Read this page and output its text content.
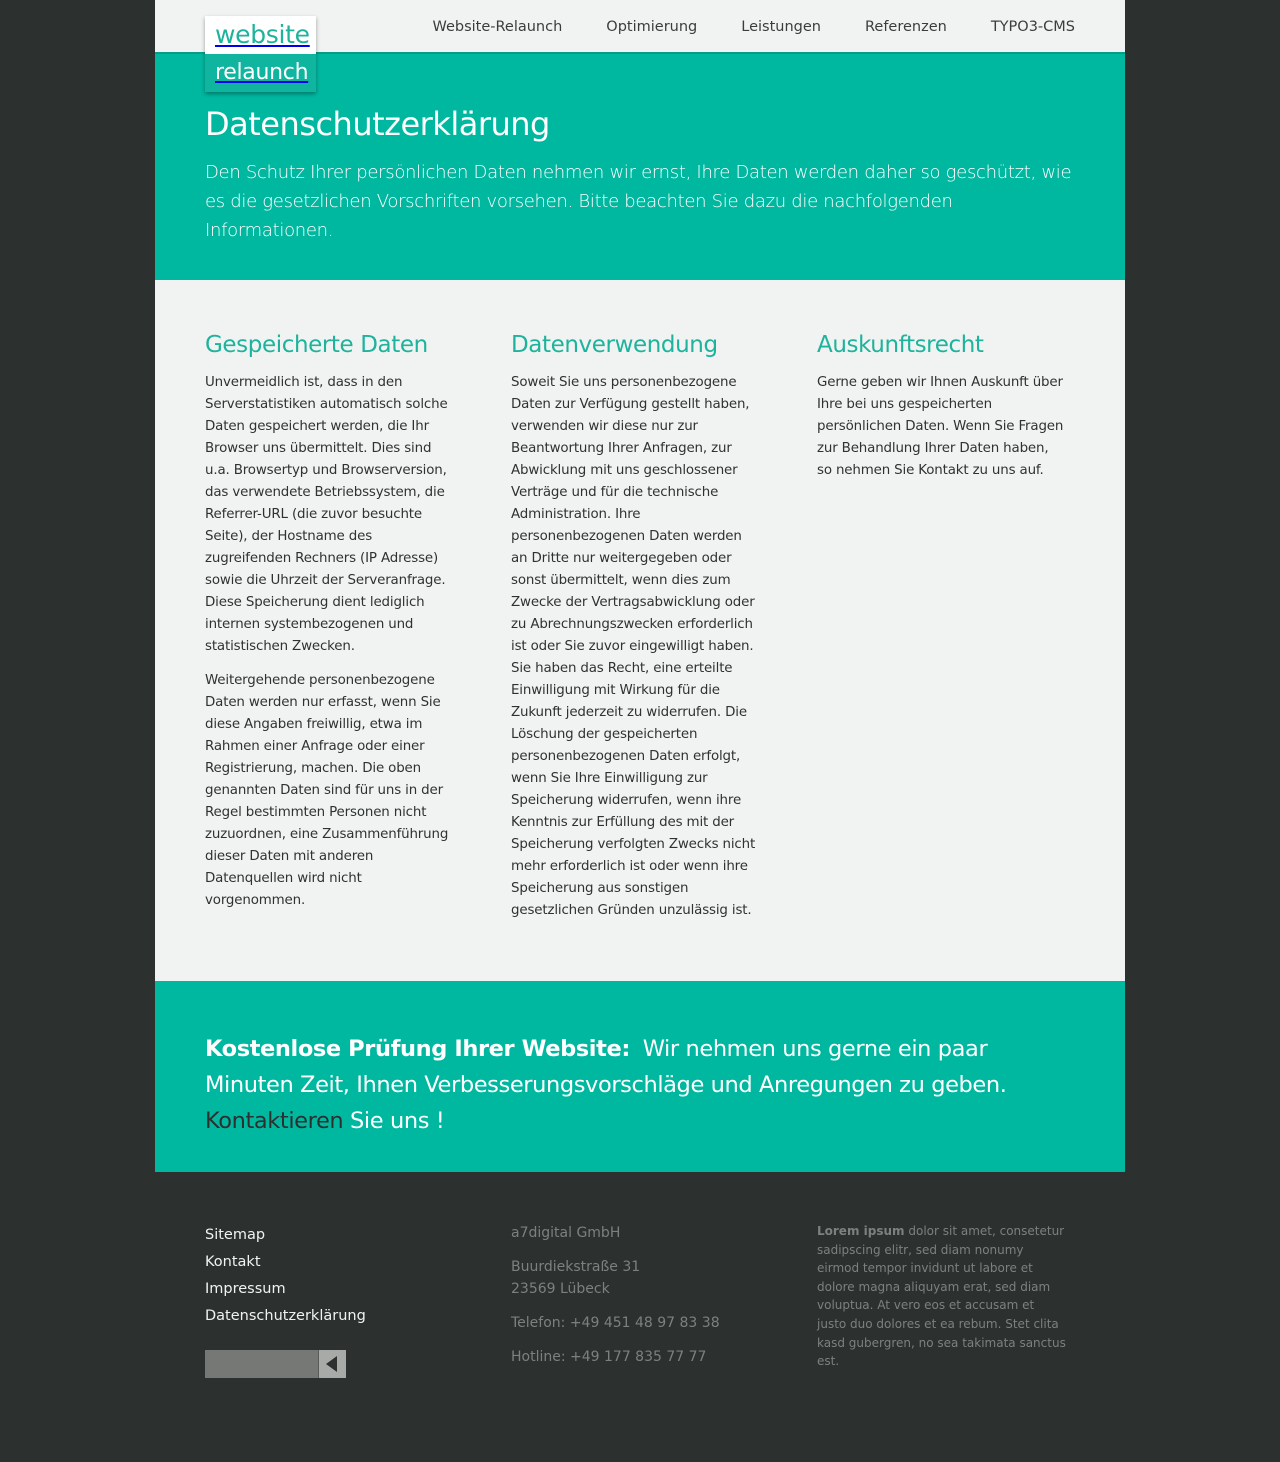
website
relaunch
Website-Relaunch	Optimierung	Leistungen	Referenzen	TYPO3-CMS
Datenschutzerklärung

Den Schutz Ihrer persönlichen Daten nehmen wir ernst, Ihre Daten werden daher so geschützt, wie es die gesetzlichen Vorschriften vorsehen. Bitte beachten Sie dazu die nachfolgenden Informationen.

Gespeicherte Daten

Unvermeidlich ist, dass in den Serverstatistiken automatisch solche Daten gespeichert werden, die Ihr Browser uns übermittelt. Dies sind u.a. Browsertyp und Browserversion, das verwendete Betriebssystem, die Referrer-URL (die zuvor besuchte Seite), der Hostname des zugreifenden Rechners (IP Adresse) sowie die Uhrzeit der Serveranfrage. Diese Speicherung dient lediglich internen systembezogenen und statistischen Zwecken.

Weitergehende personenbezogene Daten werden nur erfasst, wenn Sie diese Angaben freiwillig, etwa im Rahmen einer Anfrage oder einer Registrierung, machen. Die oben genannten Daten sind für uns in der Regel bestimmten Personen nicht zuzuordnen, eine Zusammenführung dieser Daten mit anderen Datenquellen wird nicht vorgenommen.

Datenverwendung

Soweit Sie uns personenbezogene Daten zur Verfügung gestellt haben, verwenden wir diese nur zur Beantwortung Ihrer Anfragen, zur Abwicklung mit uns geschlossener Verträge und für die technische Administration. Ihre personenbezogenen Daten werden an Dritte nur weitergegeben oder sonst übermittelt, wenn dies zum Zwecke der Vertragsabwicklung oder zu Abrechnungszwecken erforderlich ist oder Sie zuvor eingewilligt haben. Sie haben das Recht, eine erteilte Einwilligung mit Wirkung für die Zukunft jederzeit zu widerrufen. Die Löschung der gespeicherten personenbezogenen Daten erfolgt, wenn Sie Ihre Einwilligung zur Speicherung widerrufen, wenn ihre Kenntnis zur Erfüllung des mit der Speicherung verfolgten Zwecks nicht mehr erforderlich ist oder wenn ihre Speicherung aus sonstigen gesetzlichen Gründen unzulässig ist.

Auskunftsrecht

Gerne geben wir Ihnen Auskunft über Ihre bei uns gespeicherten persönlichen Daten. Wenn Sie Fragen zur Behandlung Ihrer Daten haben, so nehmen Sie Kontakt zu uns auf.

Kostenlose Prüfung Ihrer Website: Wir nehmen uns gerne ein paar Minuten Zeit, Ihnen Verbesserungsvorschläge und Anregungen zu geben. Kontaktieren Sie uns !
Sitemap
Kontakt
Impressum
Datenschutzerklärung
a7digital GmbH
Buurdiekstraße 31
23569 Lübeck
Telefon: +49 451 48 97 83 38
Hotline: +49 177 835 77 77
Lorem ipsum dolor sit amet, consetetur sadipscing elitr, sed diam nonumy eirmod tempor invidunt ut labore et dolore magna aliquyam erat, sed diam voluptua. At vero eos et accusam et justo duo dolores et ea rebum. Stet clita kasd gubergren, no sea takimata sanctus est.
